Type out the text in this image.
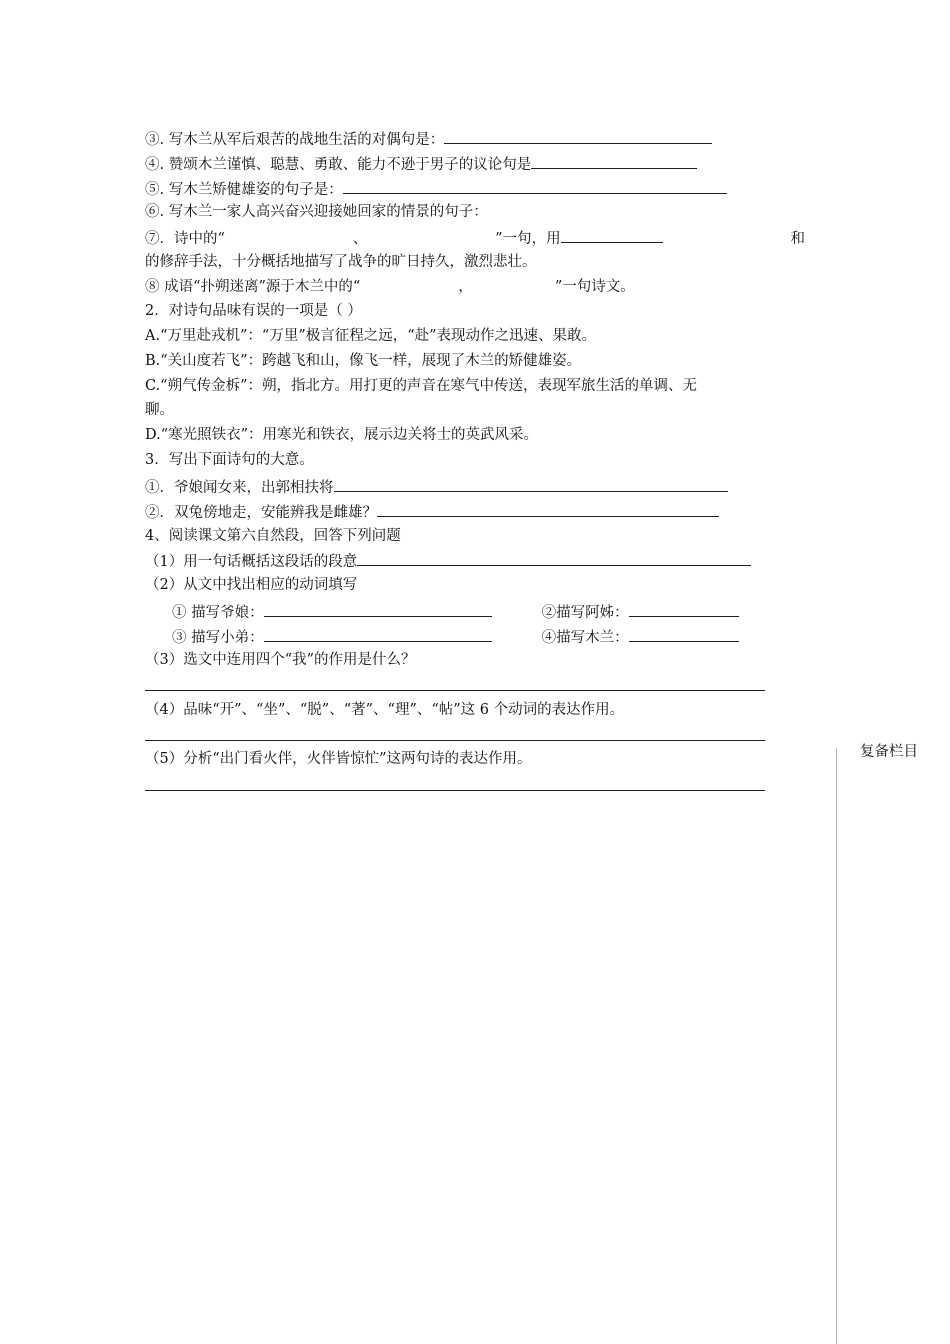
③. 写木兰从军后艰苦的战地生活的对偶句是：
④. 赞颂木兰谨慎、聪慧、勇敢、能力不逊于男子的议论句是
⑤. 写木兰矫健雄姿的句子是：
⑥. 写木兰一家人高兴奋兴迎接她回家的情景的句子：
⑦．诗中的“	、	”一句，用	和
的修辞手法，十分概括地描写了战争的旷日持久，激烈悲壮。
⑧ 成语“扑朔迷离”源于木兰中的“	，	”一句诗文。
2．对诗句品味有误的一项是（ ）
A.“万里赴戎机”：“万里”极言征程之远，“赴”表现动作之迅速、果敢。
B.“关山度若飞”：跨越飞和山，像飞一样，展现了木兰的矫健雄姿。
C.“朔气传金柝”：朔，指北方。用打更的声音在寒气中传送，表现军旅生活的单调、无
聊。
D.“寒光照铁衣”：用寒光和铁衣，展示边关将士的英武风采。
3．写出下面诗句的大意。
①．爷娘闻女来，出郭相扶将
②．双兔傍地走，安能辨我是雌雄？
4、阅读课文第六自然段，回答下列问题
（1）用一句话概括这段话的段意
（2）从文中找出相应的动词填写
① 描写爷娘：	②描写阿姊：
③ 描写小弟：	④描写木兰：
（3）选文中连用四个“我”的作用是什么？
（4）品味“开”、“坐”、“脱”、“著”、“理”、“帖”这 6 个动词的表达作用。
（5）分析“出门看火伴，火伴皆惊忙”这两句诗的表达作用。	复备栏目
